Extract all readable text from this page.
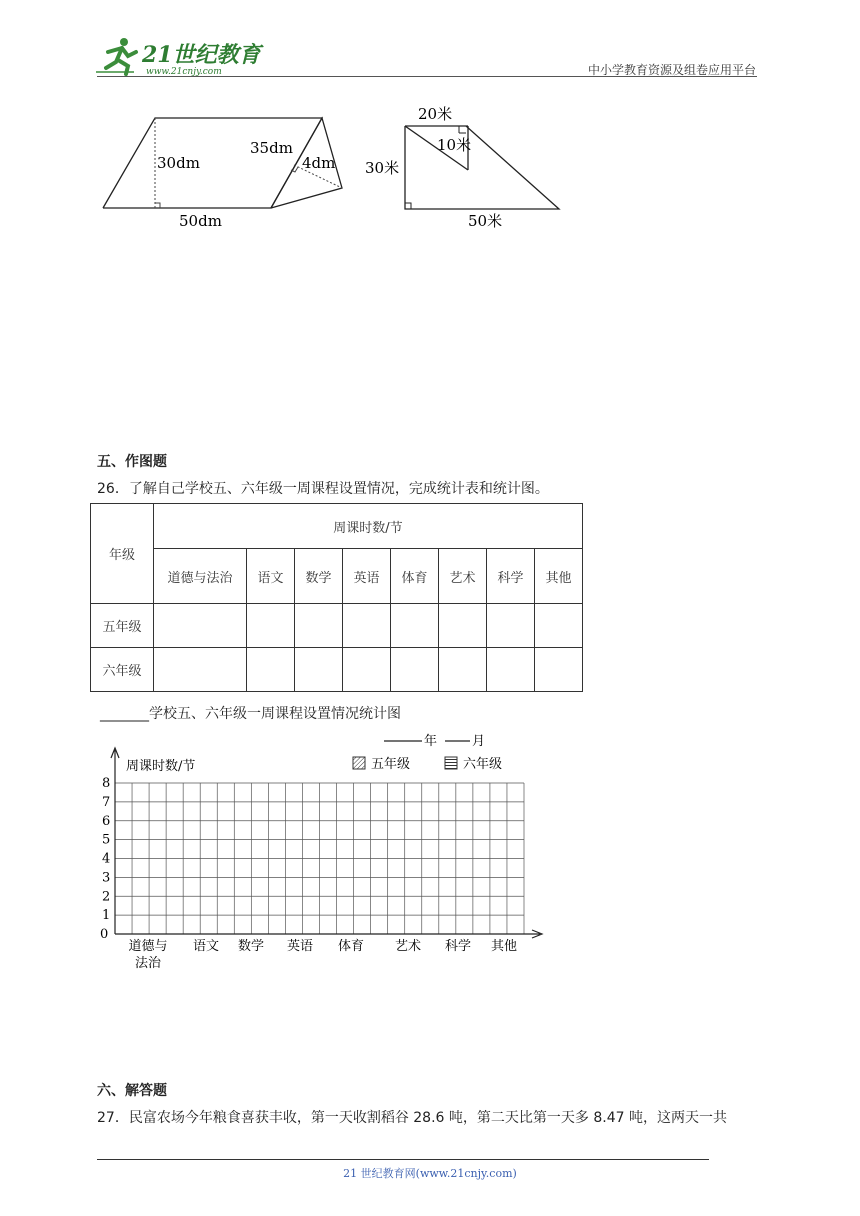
21世纪教育
www.21cnjy.com	中小学教育资源及组卷应用平台
30dm
35dm
4dm
50dm
20米
10米
30米
50米
五、作图题
26．了解自己学校五、六年级一周课程设置情况，完成统计表和统计图。
年级	周课时数/节							
	道德与法治	语文	数学	英语	体育	艺术	科学	其他
五年级								
六年级								
_______学校五、六年级一周课程设置情况统计图
0
1
2
3
4
5
6
7
8
道德与
法治
语文 数学 英语 体育 艺术 科学 其他
周课时数/节
年	月
五年级	六年级
六、解答题
27．民富农场今年粮食喜获丰收，第一天收割稻谷 28.6 吨，第二天比第一天多 8.47 吨，这两天一共
21 世纪教育网(www.21cnjy.com)
